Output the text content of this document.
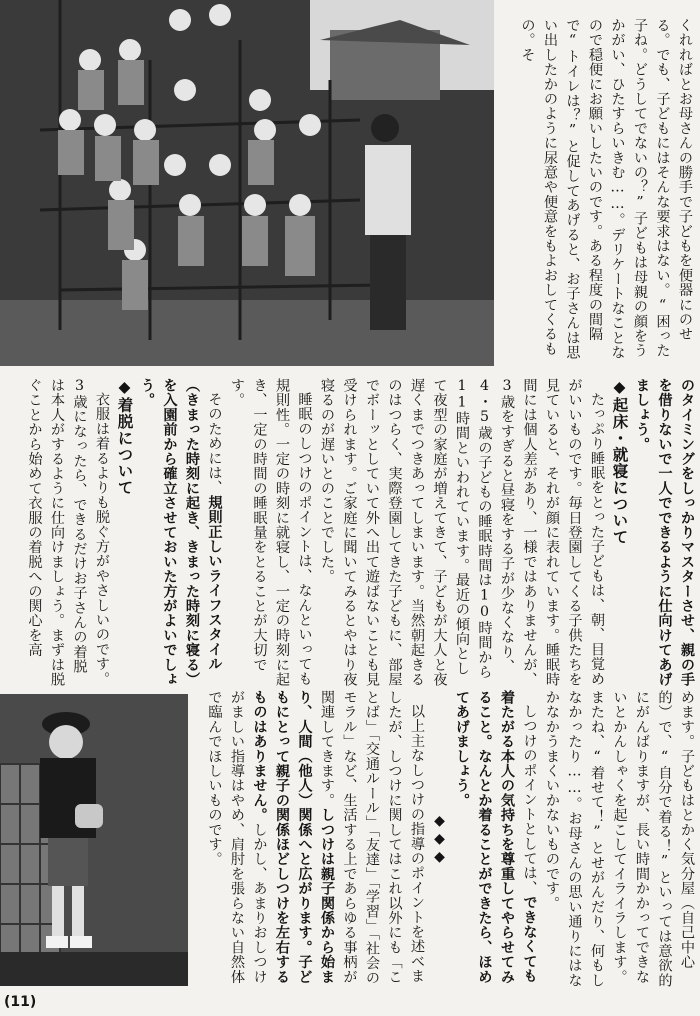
くれればとお母さんの勝手で子どもを便器にのせる。でも、子どもにはそんな要求はない。“困った子ね。どうしてでないの？”子どもは母親の顔をうかがい、ひたすらいきむ……。デリケートなことなので穏便にお願いしたいのです。ある程度の間隔で“トイレは？”と促してあげると、お子さんは思い出したかのように尿意や便意をもよおしてくるもの。そ

のタイミングをしっかりマスターさせ、親の手を借りないで一人でできるように仕向けてあげましょう。

◆起床・就寝について

たっぷり睡眠をとった子どもは、朝、目覚めがいいものです。毎日登園してくる子供たちを見ていると、それが顔に表れています。睡眠時間には個人差があり、一様ではありませんが、3歳をすぎると昼寝をする子が少なくなり、4・5歳の子どもの睡眠時間は10時間から11時間といわれています。最近の傾向として夜型の家庭が増えてきて、子どもが大人と夜遅くまでつきあってしまいます。当然朝起きるのはつらく、実際登園してきた子どもに、部屋でボーッとしていて外へ出て遊ばないことも見受けられます。ご家庭に聞いてみるとやはり夜寝るのが遅いとのことでした。

睡眠のしつけのポイントは、なんといっても規則性。一定の時刻に就寝し、一定の時刻に起き、一定の時間の睡眠量をとることが大切です。

そのためには、規則正しいライフスタイル（きまった時刻に起き、きまった時刻に寝る）を入園前から確立させておいた方がよいでしょう。

◆着脱について

衣服は着るよりも脱ぐ方がやさしいのです。3歳になったら、できるだけお子さんの着脱は本人がするように仕向けましょう。まずは脱ぐことから始めて衣服の着脱への関心を高

めます。子どもはとかく気分屋（自己中心的）で、“自分で着る！”といっては意欲的にがんばりますが、長い時間かかってできないとかんしゃくを起こしてイライラします。またね、“着せて！”とせがんだり、何もしなかったり……。お母さんの思い通りにはなかなかうまくいかないものです。

しつけのポイントとしては、できなくても着たがる本人の気持ちを尊重してやらせてみること。なんとか着ることができたら、ほめてあげましょう。

◆◆◆

以上主なしつけの指導のポイントを述べましたが、しつけに関してはこれ以外にも「ことば」「交通ルール」「友達」「学習」「社会のモラル」など、生活する上であらゆる事柄が関連してきます。しつけは親子関係から始まり、人間（他人）関係へと広がります。子どもにとって親子の関係ほどしつけを左右するものはありません。しかし、あまりおしつけがましい指導はやめ、肩肘を張らない自然体で臨んでほしいものです。

(11)
